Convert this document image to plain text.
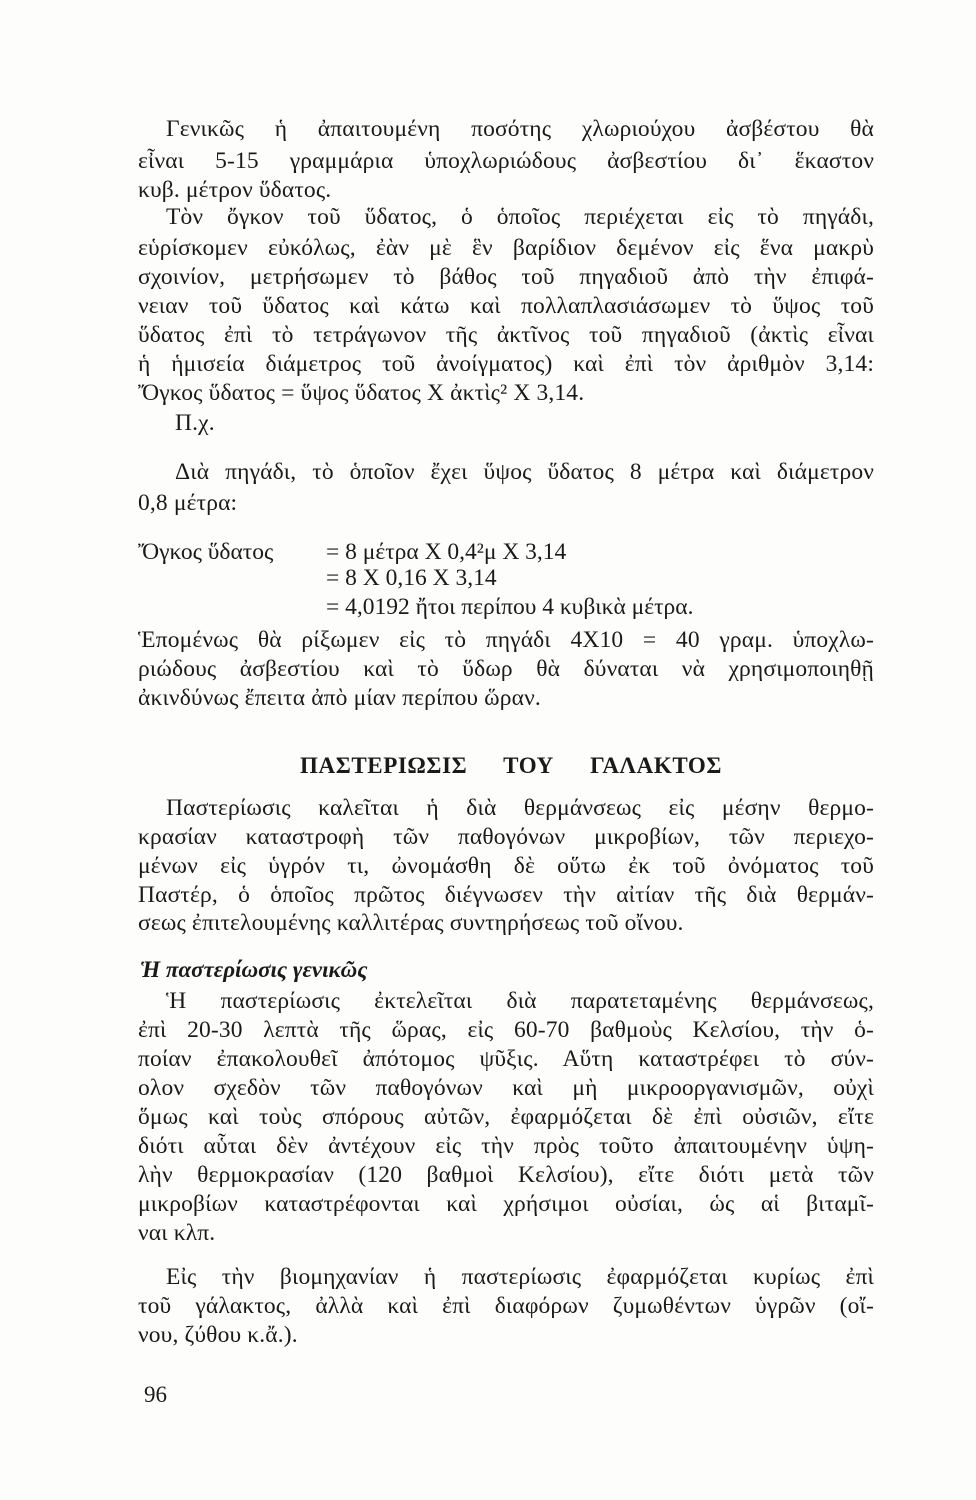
Γενικῶς ἡ ἀπαιτουμένη ποσότης χλωριούχου ἀσβέστου θὰ
εἶναι 5-15 γραμμάρια ὑποχλωριώδους ἀσβεστίου δι᾽ ἕκαστον
κυβ. μέτρον ὕδατος.
Τὸν ὄγκον τοῦ ὕδατος, ὁ ὁποῖος περιέχεται εἰς τὸ πηγάδι,
εὑρίσκομεν εὐκόλως, ἐὰν μὲ ἓν βαρίδιον δεμένον εἰς ἕνα μακρὺ
σχοινίον, μετρήσωμεν τὸ βάθος τοῦ πηγαδιοῦ ἀπὸ τὴν ἐπιφά-
νειαν τοῦ ὕδατος καὶ κάτω καὶ πολλαπλασιάσωμεν τὸ ὕψος τοῦ
ὕδατος ἐπὶ τὸ τετράγωνον τῆς ἀκτῖνος τοῦ πηγαδιοῦ (ἀκτὶς εἶναι
ἡ ἡμισεία διάμετρος τοῦ ἀνοίγματος) καὶ ἐπὶ τὸν ἀριθμὸν 3,14:
Ὄγκος ὕδατος = ὕψος ὕδατος Χ ἀκτὶς² Χ 3,14.
Π.χ.
Διὰ πηγάδι, τὸ ὁποῖον ἔχει ὕψος ὕδατος 8 μέτρα καὶ διάμετρον
0,8 μέτρα:
Ὄγκος ὕδατος = 8 μέτρα Χ 0,4²μ Χ 3,14
= 8 Χ 0,16 Χ 3,14
= 4,0192 ἤτοι περίπου 4 κυβικὰ μέτρα.
Ἑπομένως θὰ ρίξωμεν εἰς τὸ πηγάδι 4Χ10 = 40 γραμ. ὑποχλω-
ριώδους ἀσβεστίου καὶ τὸ ὕδωρ θὰ δύναται νὰ χρησιμοποιηθῇ
ἀκινδύνως ἔπειτα ἀπὸ μίαν περίπου ὥραν.
ΠΑΣΤΕΡΙΩΣΙΣ ΤΟΥ ΓΑΛΑΚΤΟΣ
Παστερίωσις καλεῖται ἡ διὰ θερμάνσεως εἰς μέσην θερμο-
κρασίαν καταστροφὴ τῶν παθογόνων μικροβίων, τῶν περιεχο-
μένων εἰς ὑγρόν τι, ὠνομάσθη δὲ οὕτω ἐκ τοῦ ὀνόματος τοῦ
Παστέρ, ὁ ὁποῖος πρῶτος διέγνωσεν τὴν αἰτίαν τῆς διὰ θερμάν-
σεως ἐπιτελουμένης καλλιτέρας συντηρήσεως τοῦ οἴνου.
Ἡ παστερίωσις γενικῶς
Ἡ παστερίωσις ἐκτελεῖται διὰ παρατεταμένης θερμάνσεως,
ἐπὶ 20-30 λεπτὰ τῆς ὥρας, εἰς 60-70 βαθμοὺς Κελσίου, τὴν ὁ-
ποίαν ἐπακολουθεῖ ἀπότομος ψῦξις. Αὕτη καταστρέφει τὸ σύν-
ολον σχεδὸν τῶν παθογόνων καὶ μὴ μικροοργανισμῶν, οὐχὶ
ὅμως καὶ τοὺς σπόρους αὐτῶν, ἐφαρμόζεται δὲ ἐπὶ οὐσιῶν, εἴτε
διότι αὗται δὲν ἀντέχουν εἰς τὴν πρὸς τοῦτο ἀπαιτουμένην ὑψη-
λὴν θερμοκρασίαν (120 βαθμοὶ Κελσίου), εἴτε διότι μετὰ τῶν
μικροβίων καταστρέφονται καὶ χρήσιμοι οὐσίαι, ὡς αἱ βιταμῖ-
ναι κλπ.
Εἰς τὴν βιομηχανίαν ἡ παστερίωσις ἐφαρμόζεται κυρίως ἐπὶ
τοῦ γάλακτος, ἀλλὰ καὶ ἐπὶ διαφόρων ζυμωθέντων ὑγρῶν (οἴ-
νου, ζύθου κ.ἄ.).
96
